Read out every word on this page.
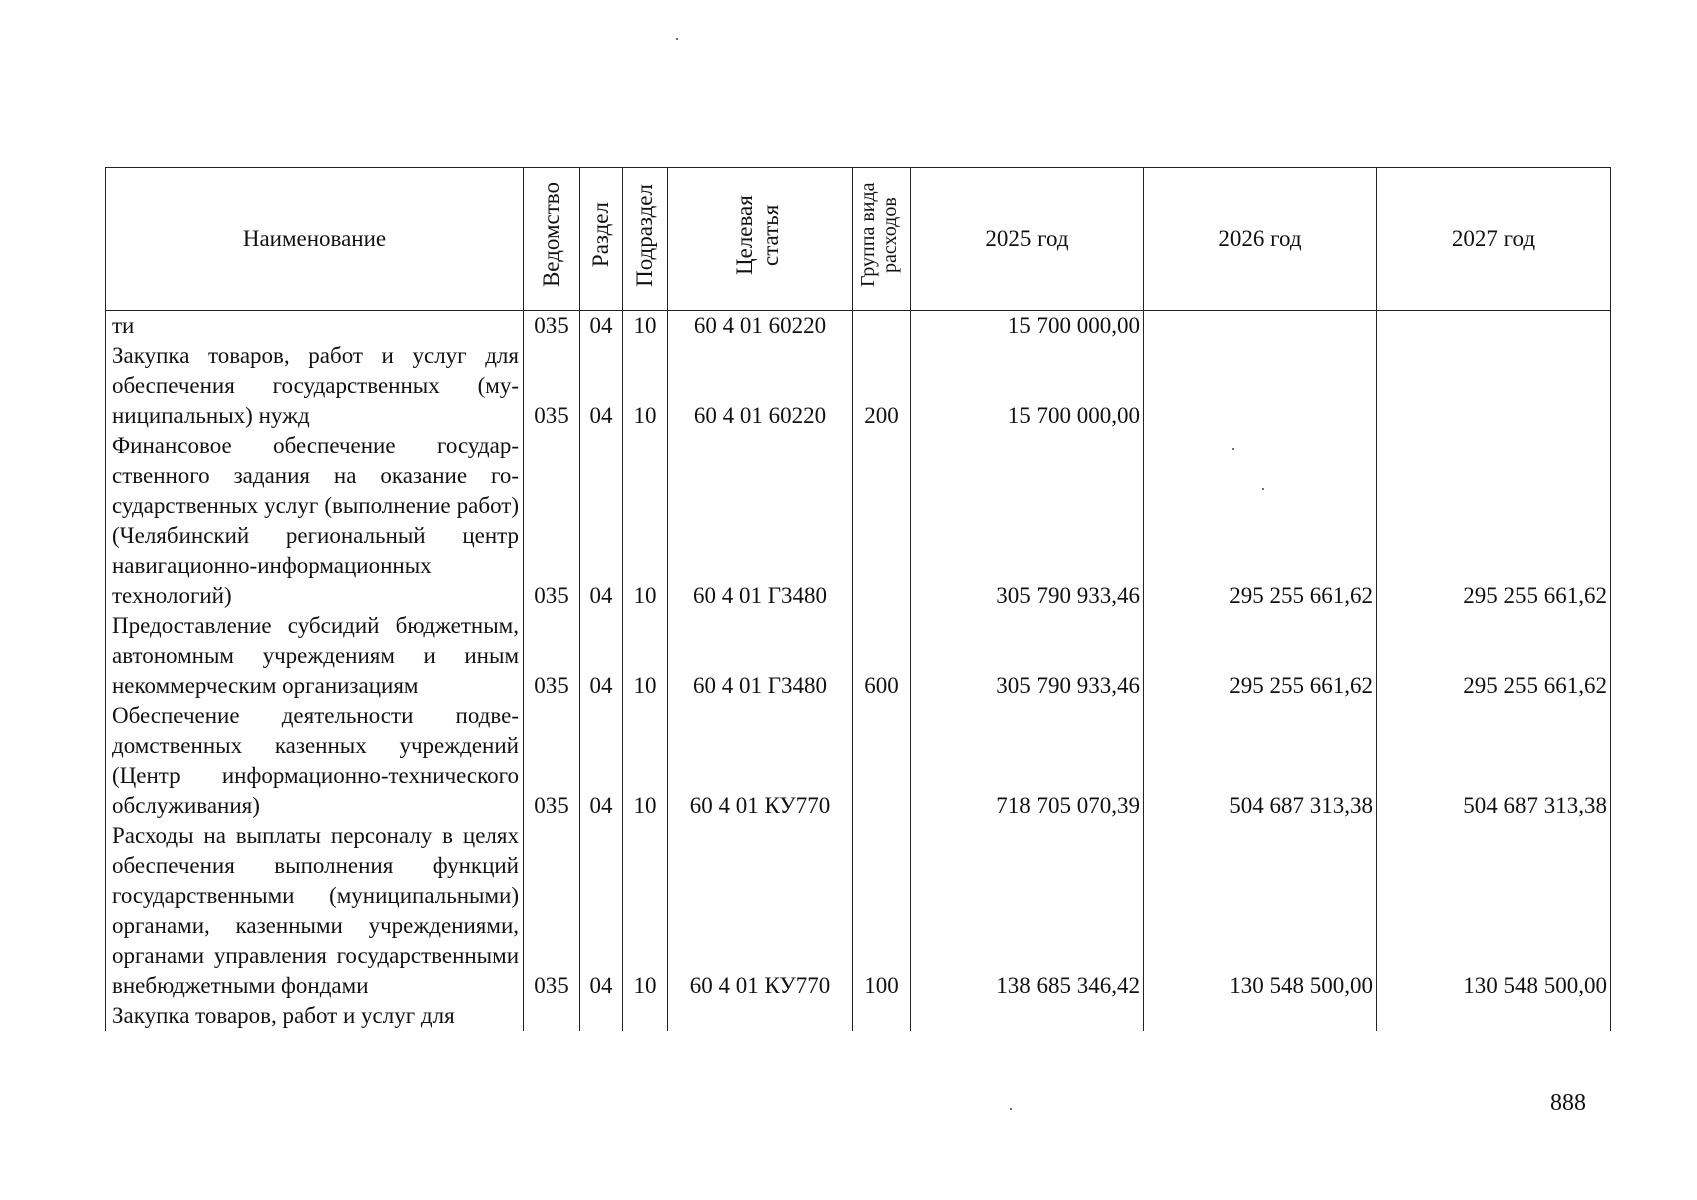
Наименование	Ведомство	Раздел	Подраздел	Целевая статья	Группа вида расходов	2025 год	2026 год	2027 год
ти	035	04	10	60 4 01 60220		15 700 000,00		
Закупка товаров, работ и услуг для обеспечения государственных (муниципальных) нужд	035	04	10	60 4 01 60220	200	15 700 000,00		
Финансовое обеспечение государственного задания на оказание государственных услуг (выполнение работ) (Челябинский региональный центр навигационно-информационных технологий)	035	04	10	60 4 01 Г3480		305 790 933,46	295 255 661,62	295 255 661,62
Предоставление субсидий бюджетным, автономным учреждениям и иным некоммерческим организациям	035	04	10	60 4 01 Г3480	600	305 790 933,46	295 255 661,62	295 255 661,62
Обеспечение деятельности подведомственных казенных учреждений (Центр информационно-технического обслуживания)	035	04	10	60 4 01 КУ770		718 705 070,39	504 687 313,38	504 687 313,38
Расходы на выплаты персоналу в целях обеспечения выполнения функций государственными (муниципальными) органами, казенными учреждениями, органами управления государственными внебюджетными фондами	035	04	10	60 4 01 КУ770	100	138 685 346,42	130 548 500,00	130 548 500,00
Закупка товаров, работ и услуг для								
888
